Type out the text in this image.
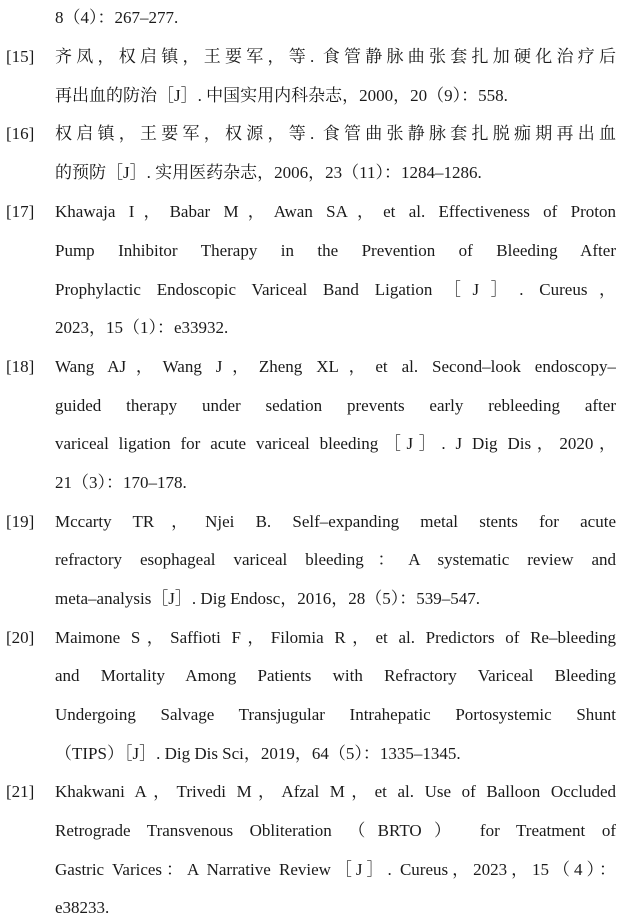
8（4）：267–277.
[15]	齐凤，权启镇，王要军，等. 食管静脉曲张套扎加硬化治疗后
再出血的防治［J］. 中国实用内科杂志，2000，20（9）：558.
[16]	权启镇，王要军，权源，等. 食管曲张静脉套扎脱痂期再出血
的预防［J］. 实用医药杂志，2006，23（11）：1284–1286.
[17]	Khawaja I，Babar M，Awan SA，et al. Effectiveness of Proton
Pump Inhibitor Therapy in the Prevention of Bleeding After
Prophylactic Endoscopic Variceal Band Ligation［J］. Cureus，
2023，15（1）：e33932.
[18]	Wang AJ，Wang J，Zheng XL，et al. Second–look endoscopy–
guided therapy under sedation prevents early rebleeding after
variceal ligation for acute variceal bleeding［J］. J Dig Dis，2020，
21（3）：170–178.
[19]	Mccarty TR，Njei B. Self–expanding metal stents for acute
refractory esophageal variceal bleeding：A systematic review and
meta–analysis［J］. Dig Endosc，2016，28（5）：539–547.
[20]	Maimone S，Saffioti F，Filomia R，et al. Predictors of Re–bleeding
and Mortality Among Patients with Refractory Variceal Bleeding
Undergoing Salvage Transjugular Intrahepatic Portosystemic Shunt
（TIPS）［J］. Dig Dis Sci，2019，64（5）：1335–1345.
[21]	Khakwani A，Trivedi M，Afzal M，et al. Use of Balloon Occluded
Retrograde Transvenous Obliteration （BRTO） for Treatment of
Gastric Varices：A Narrative Review［J］. Cureus，2023，15（4）：
e38233.
